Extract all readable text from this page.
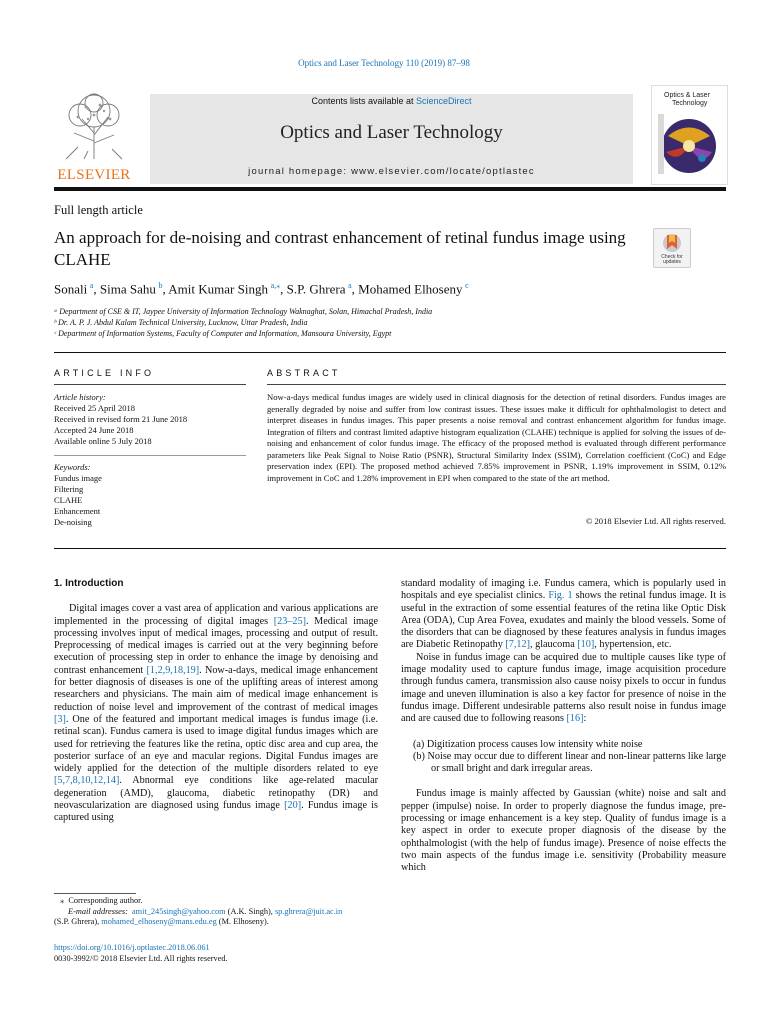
Optics and Laser Technology 110 (2019) 87–98
ELSEVIER
Contents lists available at ScienceDirect
Optics and Laser Technology
journal homepage: www.elsevier.com/locate/optlastec
Optics & Laser
Technology
Full length article
An approach for de-noising and contrast enhancement of retinal fundus image using CLAHE	Check for updates
Sonali  $^a$, Sima Sahu  $^b$, Amit Kumar Singh  $^{a,⁎}$, S.P. Ghrera  $^a$, Mohamed Elhoseny  $^c$
ᵃ Department of CSE & IT, Jaypee University of Information Technology Waknaghat, Solan, Himachal Pradesh, India
ᵇ Dr. A. P. J. Abdul Kalam Technical University, Lucknow, Uttar Pradesh, India
ᶜ Department of Information Systems, Faculty of Computer and Information, Mansoura University, Egypt
ARTICLE INFO	ABSTRACT
Article history:
Received 25 April 2018
Received in revised form 21 June 2018
Accepted 24 June 2018
Available online 5 July 2018
Keywords:
Fundus image
Filtering
CLAHE
Enhancement
De-noising
Now-a-days medical fundus images are widely used in clinical diagnosis for the detection of retinal disorders. Fundus images are generally degraded by noise and suffer from low contrast issues. These issues make it difficult for ophthalmologist to detect and interpret diseases in fundus images. This paper presents a noise removal and contrast enhancement algorithm for fundus image. Integration of filters and contrast limited adaptive histogram equalization (CLAHE) technique is applied for solving the issues of de-noising and enhancement of color fundus image. The efficacy of the proposed method is evaluated through different performance parameters like Peak Signal to Noise Ratio (PSNR), Structural Similarity Index (SSIM), Correlation coefficient (CoC) and Edge preservation index (EPI). The proposed method achieved 7.85% improvement in PSNR, 1.19% improvement in SSIM, 0.12% improvement in CoC and 1.28% improvement in EPI when compared to the state of the art method.
© 2018 Elsevier Ltd. All rights reserved.
1. Introduction

Digital images cover a vast area of application and various applications are implemented in the processing of digital images [23–25]. Medical image processing involves input of medical images, processing and output of result. Preprocessing of medical images is carried out at the very beginning before execution of processing step in order to enhance the image by denoising and contrast enhancement [1,2,9,18,19]. Now-a-days, medical image enhancement for better diagnosis of diseases is one of the uplifting areas of interest among researchers and physicians. The main aim of medical image enhancement is reduction of noise level and improvement of the contrast of medical images [3]. One of the featured and important medical images is fundus image (i.e. retinal scan). Fundus camera is used to image digital fundus images which are used for retrieving the features like the retina, optic disc area and cup area, the posterior surface of an eye and macular regions. Digital Fundus images are widely applied for the detection of the multiple disorders related to eye [5,7,8,10,12,14]. Abnormal eye conditions like age-related macular degeneration (AMD), glaucoma, diabetic retinopathy (DR) and neovascularization are diagnosed using fundus image [20]. Fundus image is captured using

standard modality of imaging i.e. Fundus camera, which is popularly used in hospitals and eye specialist clinics. Fig. 1 shows the retinal fundus image. It is useful in the extraction of some essential features of the retina like Optic Disk Area (ODA), Cup Area Fovea, exudates and mainly the blood vessels. Some of the disorders that can be diagnosed by these features analysis in fundus images are Diabetic Retinopathy [7,12], glaucoma [10], hypertension, etc.

Noise in fundus image can be acquired due to multiple causes like type of image modality used to capture fundus image, image acquisition procedure through fundus camera, transmission also cause noisy pixels to occur in fundus image and uneven illumination is also a key factor for presence of noise in the fundus image. Different undesirable patterns also result noise in fundus image and are caused due to following reasons [16]:

(a) Digitization process causes low intensity white noise

(b) Noise may occur due to different linear and non-linear patterns like large or small bright and dark irregular areas.

Fundus image is mainly affected by Gaussian (white) noise and salt and pepper (impulse) noise. In order to properly diagnose the fundus image, pre-processing or image enhancement is a key step. Quality of fundus image is a key aspect in order to execute proper diagnosis of the disease by the ophthalmologist (with the help of fundus image). Presence of noise effects the two main aspects of the fundus image i.e. sensitivity (Probability measure which

⁎ Corresponding author.
E-mail addresses: amit_245singh@yahoo.com (A.K. Singh), sp.ghrera@juit.ac.in
(S.P. Ghrera), mohamed_elhoseny@mans.edu.eg (M. Elhoseny).
https://doi.org/10.1016/j.optlastec.2018.06.061
0030-3992/© 2018 Elsevier Ltd. All rights reserved.
